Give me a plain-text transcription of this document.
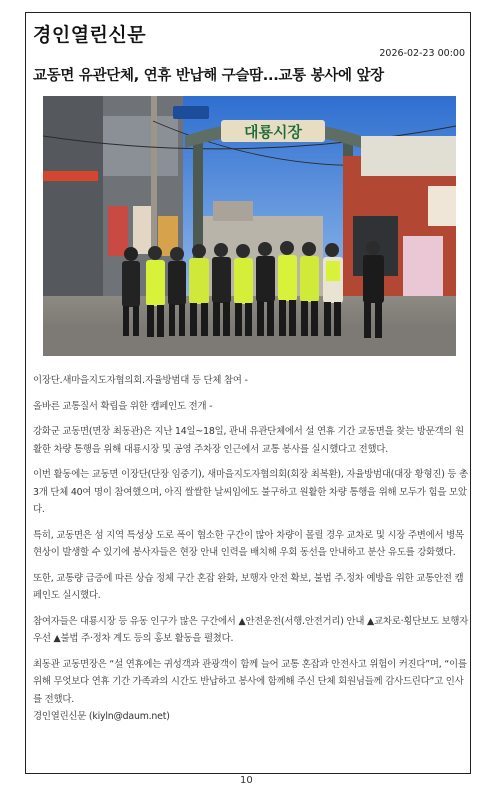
경인열린신문
2026-02-23 00:00
교동면 유관단체, 연휴 반납해 구슬땀...교통 봉사에 앞장
대룡시장

이장단.새마을지도자협의회.자율방범대 등 단체 참여 -

올바른 교통질서 확립을 위한 캠페인도 전개 -

강화군 교동면(면장 최동관)은 지난 14일~18일, 관내 유관단체에서 설 연휴 기간 교동면을 찾는 방문객의 원활한 차량 통행을 위해 대룡시장 및 공영 주차장 인근에서 교통 봉사를 실시했다고 전했다.

이번 활동에는 교동면 이장단(단장 임중기), 새마을지도자협의회(회장 최복환), 자율방범대(대장 황형진) 등 총 3개 단체 40여 명이 참여했으며, 아직 쌀쌀한 날씨임에도 불구하고 원활한 차량 통행을 위해 모두가 힘을 모았다.

특히, 교동면은 섬 지역 특성상 도로 폭이 협소한 구간이 많아 차량이 몰릴 경우 교차로 및 시장 주변에서 병목현상이 발생할 수 있기에 봉사자들은 현장 안내 인력을 배치해 우회 동선을 안내하고 분산 유도를 강화했다.

또한, 교통량 급증에 따른 상습 정체 구간 혼잡 완화, 보행자 안전 확보, 불법 주.정차 예방을 위한 교통안전 캠페인도 실시했다.

참여자들은 대룡시장 등 유동 인구가 많은 구간에서 ▲안전운전(서행.안전거리) 안내 ▲교차로·횡단보도 보행자 우선 ▲불법 주·정차 계도 등의 홍보 활동을 펼쳤다.

최동관 교동면장은 “설 연휴에는 귀성객과 관광객이 함께 늘어 교통 혼잡과 안전사고 위험이 커진다”며, “이를 위해 무엇보다 연휴 기간 가족과의 시간도 반납하고 봉사에 함께해 주신 단체 회원님들께 감사드린다”고 인사를 전했다.

경인열린신문 (kiyln@daum.net)

10
